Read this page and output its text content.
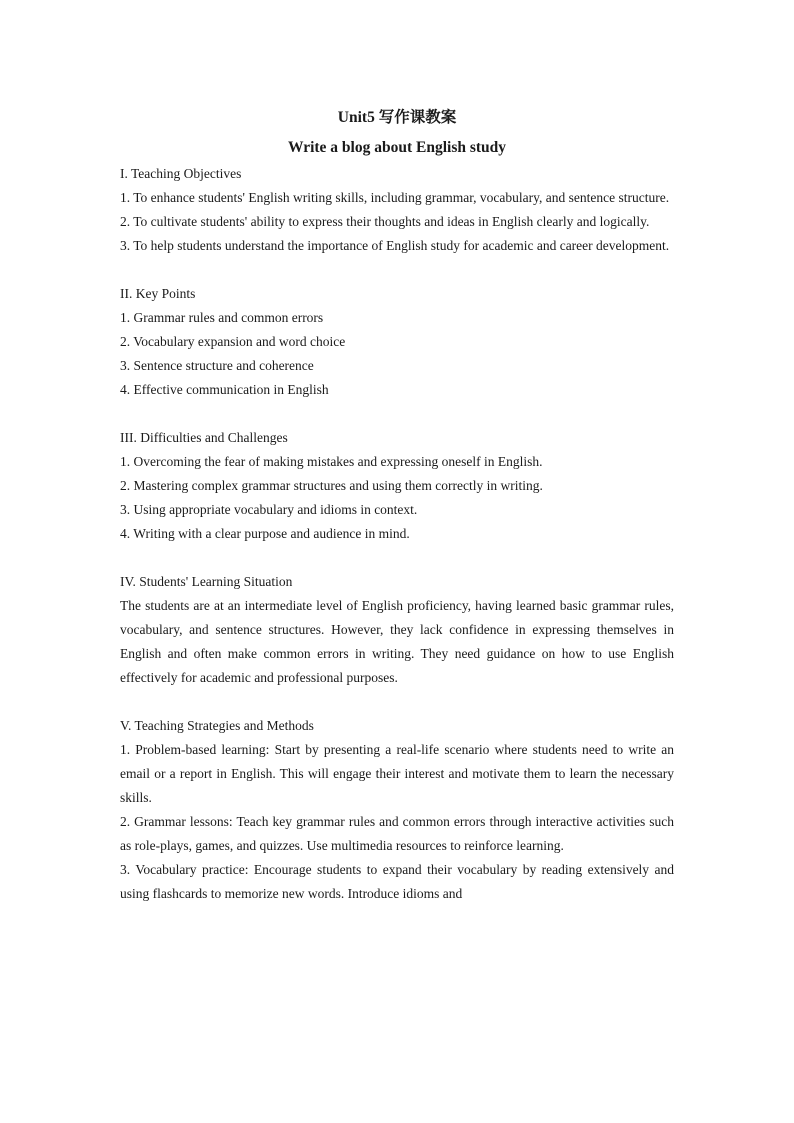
Unit5 写作课教案

Write a blog about English study

I. Teaching Objectives

1. To enhance students' English writing skills, including grammar, vocabulary, and sentence structure.

2. To cultivate students' ability to express their thoughts and ideas in English clearly and logically.

3. To help students understand the importance of English study for academic and career development.

II. Key Points

1. Grammar rules and common errors

2. Vocabulary expansion and word choice

3. Sentence structure and coherence

4. Effective communication in English

III. Difficulties and Challenges

1. Overcoming the fear of making mistakes and expressing oneself in English.

2. Mastering complex grammar structures and using them correctly in writing.

3. Using appropriate vocabulary and idioms in context.

4. Writing with a clear purpose and audience in mind.

IV. Students' Learning Situation

The students are at an intermediate level of English proficiency, having learned basic grammar rules, vocabulary, and sentence structures. However, they lack confidence in expressing themselves in English and often make common errors in writing. They need guidance on how to use English effectively for academic and professional purposes.

V. Teaching Strategies and Methods

1. Problem-based learning: Start by presenting a real-life scenario where students need to write an email or a report in English. This will engage their interest and motivate them to learn the necessary skills.

2. Grammar lessons: Teach key grammar rules and common errors through interactive activities such as role-plays, games, and quizzes. Use multimedia resources to reinforce learning.

3. Vocabulary practice: Encourage students to expand their vocabulary by reading extensively and using flashcards to memorize new words. Introduce idioms and
